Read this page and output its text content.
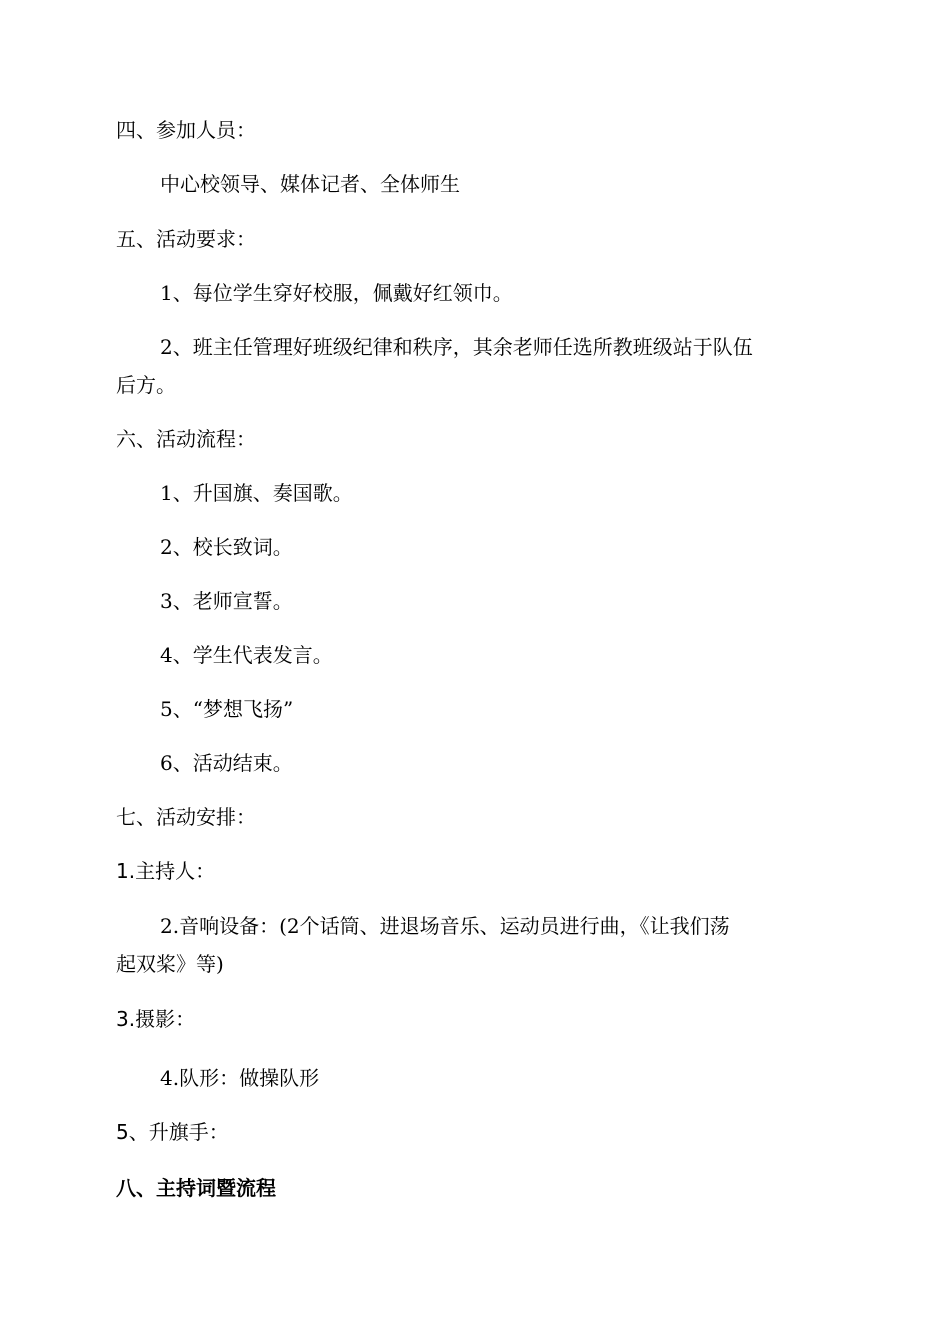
四、参加人员：
中心校领导、媒体记者、全体师生
五、活动要求：
1、每位学生穿好校服，佩戴好红领巾。
2、班主任管理好班级纪律和秩序，其余老师任选所教班级站于队伍
后方。
六、活动流程：
1、升国旗、奏国歌。
2、校长致词。
3、老师宣誓。
4、学生代表发言。
5、“梦想飞扬”
6、活动结束。
七、活动安排：
1.主持人：
2.音响设备：(2个话筒、进退场音乐、运动员进行曲，《让我们荡
起双桨》等)
3.摄影：
4.队形：做操队形
5、升旗手：
八、主持词暨流程
